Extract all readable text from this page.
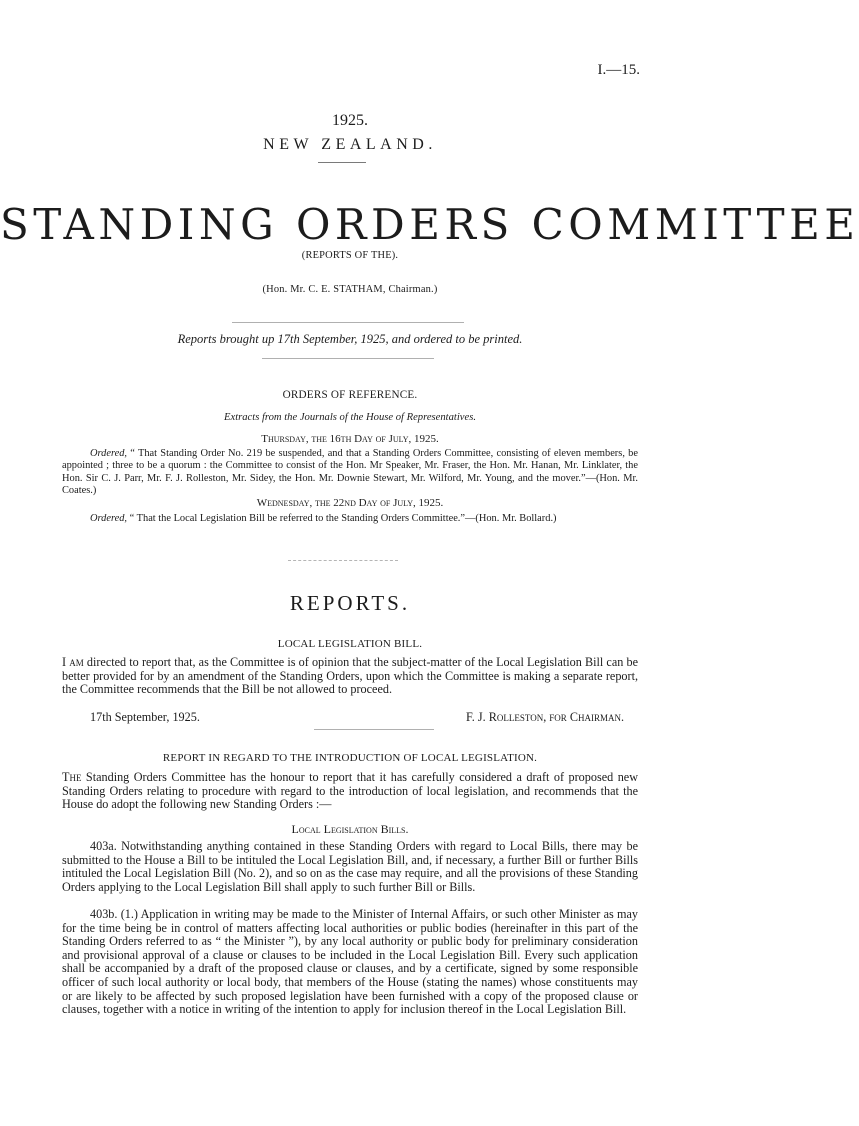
I.—15.
1925.
NEW ZEALAND.
STANDING ORDERS COMMITTEE
(REPORTS OF THE).
(Hon. Mr. C. E. STATHAM, Chairman.)
Reports brought up 17th September, 1925, and ordered to be printed.
ORDERS OF REFERENCE.
Extracts from the Journals of the House of Representatives.
Thursday, the 16th Day of July, 1925.

Ordered, “ That Standing Order No. 219 be suspended, and that a Standing Orders Committee, consisting of eleven members, be appointed ; three to be a quorum : the Committee to consist of the Hon. Mr Speaker, Mr. Fraser, the Hon. Mr. Hanan, Mr. Linklater, the Hon. Sir C. J. Parr, Mr. F. J. Rolleston, Mr. Sidey, the Hon. Mr. Downie Stewart, Mr. Wilford, Mr. Young, and the mover.”—(Hon. Mr. Coates.)

Wednesday, the 22nd Day of July, 1925.

Ordered, “ That the Local Legislation Bill be referred to the Standing Orders Committee.”—(Hon. Mr. Bollard.)

REPORTS.
LOCAL LEGISLATION BILL.

I am directed to report that, as the Committee is of opinion that the subject-matter of the Local Legislation Bill can be better provided for by an amendment of the Standing Orders, upon which the Committee is making a separate report, the Committee recommends that the Bill be not allowed to proceed.

17th September, 1925.	F. J. Rolleston, for Chairman.
REPORT IN REGARD TO THE INTRODUCTION OF LOCAL LEGISLATION.

The Standing Orders Committee has the honour to report that it has carefully considered a draft of proposed new Standing Orders relating to procedure with regard to the introduction of local legislation, and recommends that the House do adopt the following new Standing Orders :—

Local Legislation Bills.

403a. Notwithstanding anything contained in these Standing Orders with regard to Local Bills, there may be submitted to the House a Bill to be intituled the Local Legislation Bill, and, if necessary, a further Bill or further Bills intituled the Local Legislation Bill (No. 2), and so on as the case may require, and all the provisions of these Standing Orders applying to the Local Legislation Bill shall apply to such further Bill or Bills.

403b. (1.) Application in writing may be made to the Minister of Internal Affairs, or such other Minister as may for the time being be in control of matters affecting local authorities or public bodies (hereinafter in this part of the Standing Orders referred to as “ the Minister ”), by any local authority or public body for preliminary consideration and provisional approval of a clause or clauses to be included in the Local Legislation Bill. Every such application shall be accompanied by a draft of the proposed clause or clauses, and by a certificate, signed by some responsible officer of such local authority or local body, that members of the House (stating the names) whose constituents may or are likely to be affected by such proposed legislation have been furnished with a copy of the proposed clause or clauses, together with a notice in writing of the intention to apply for inclusion thereof in the Local Legislation Bill.
